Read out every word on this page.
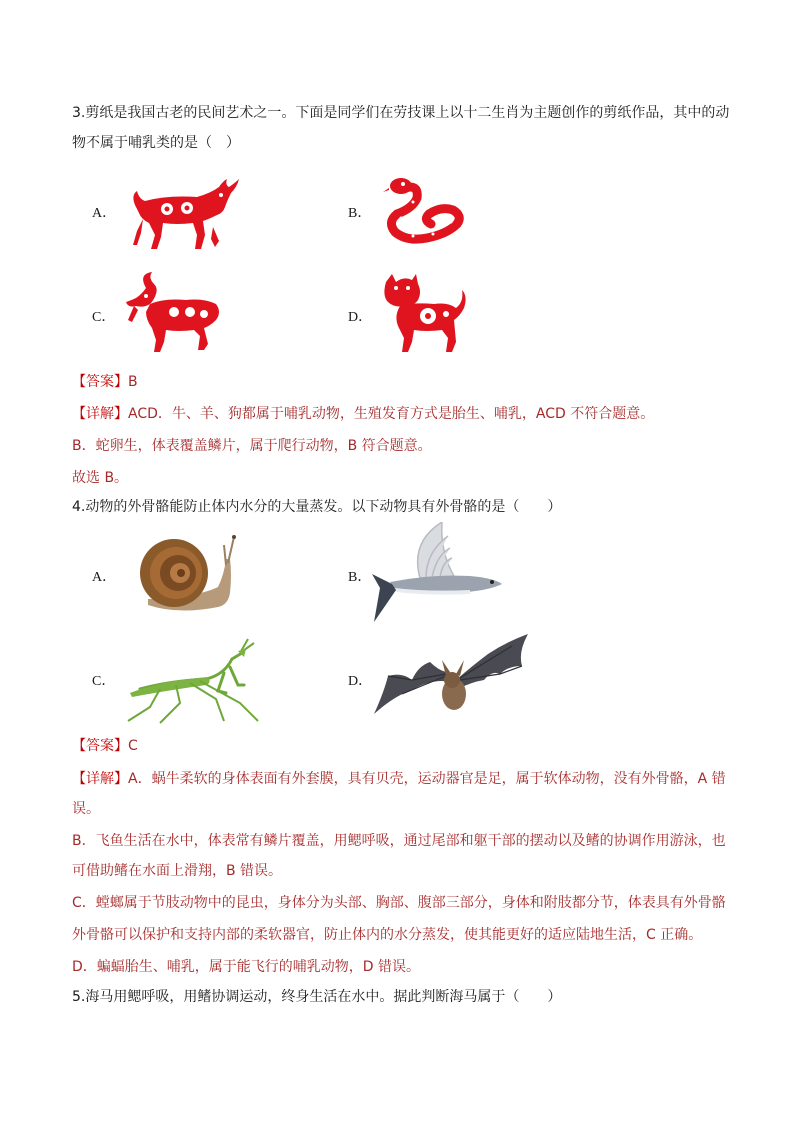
3.剪纸是我国古老的民间艺术之一。下面是同学们在劳技课上以十二生肖为主题创作的剪纸作品，其中的动
物不属于哺乳类的是（　）
A．	B．
C．	D．
【答案】B
【详解】ACD．牛、羊、狗都属于哺乳动物，生殖发育方式是胎生、哺乳，ACD 不符合题意。
B．蛇卵生，体表覆盖鳞片，属于爬行动物，B 符合题意。
故选 B。
4.动物的外骨骼能防止体内水分的大量蒸发。以下动物具有外骨骼的是（　　）
A．	B．
C．	D．
【答案】C
【详解】A．蜗牛柔软的身体表面有外套膜，具有贝壳，运动器官是足，属于软体动物，没有外骨骼，A 错
误。
B．飞鱼生活在水中，体表常有鳞片覆盖，用鳃呼吸，通过尾部和躯干部的摆动以及鳍的协调作用游泳，也
可借助鳍在水面上滑翔，B 错误。
C．螳螂属于节肢动物中的昆虫，身体分为头部、胸部、腹部三部分，身体和附肢都分节，体表具有外骨骼
外骨骼可以保护和支持内部的柔软器官，防止体内的水分蒸发，使其能更好的适应陆地生活，C 正确。
D．蝙蝠胎生、哺乳，属于能飞行的哺乳动物，D 错误。
5.海马用鳃呼吸，用鳍协调运动，终身生活在水中。据此判断海马属于（　　）
